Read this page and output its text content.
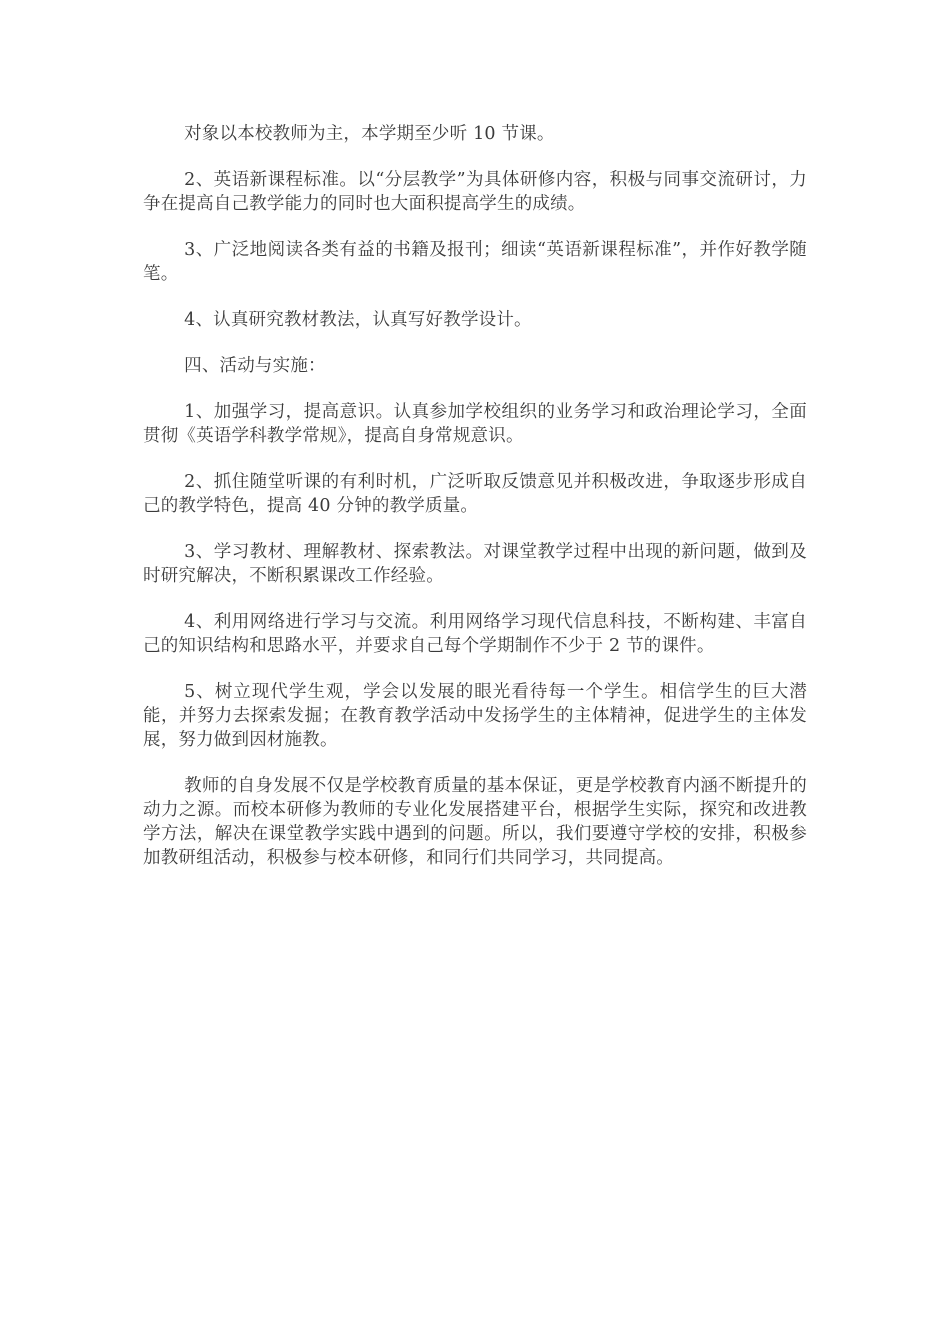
对象以本校教师为主，本学期至少听 10 节课。

2、英语新课程标准。以“分层教学”为具体研修内容，积极与同事交流研讨，力争在提高自己教学能力的同时也大面积提高学生的成绩。

3、广泛地阅读各类有益的书籍及报刊；细读“英语新课程标准”，并作好教学随笔。

4、认真研究教材教法，认真写好教学设计。

四、活动与实施：

1、加强学习，提高意识。认真参加学校组织的业务学习和政治理论学习，全面贯彻《英语学科教学常规》，提高自身常规意识。

2、抓住随堂听课的有利时机，广泛听取反馈意见并积极改进，争取逐步形成自己的教学特色，提高 40 分钟的教学质量。

3、学习教材、理解教材、探索教法。对课堂教学过程中出现的新问题，做到及时研究解决，不断积累课改工作经验。

4、利用网络进行学习与交流。利用网络学习现代信息科技，不断构建、丰富自己的知识结构和思路水平，并要求自己每个学期制作不少于 2 节的课件。

5、树立现代学生观，学会以发展的眼光看待每一个学生。相信学生的巨大潜能，并努力去探索发掘；在教育教学活动中发扬学生的主体精神，促进学生的主体发展，努力做到因材施教。

教师的自身发展不仅是学校教育质量的基本保证，更是学校教育内涵不断提升的动力之源。而校本研修为教师的专业化发展搭建平台，根据学生实际，探究和改进教学方法，解决在课堂教学实践中遇到的问题。所以，我们要遵守学校的安排，积极参加教研组活动，积极参与校本研修，和同行们共同学习，共同提高。
